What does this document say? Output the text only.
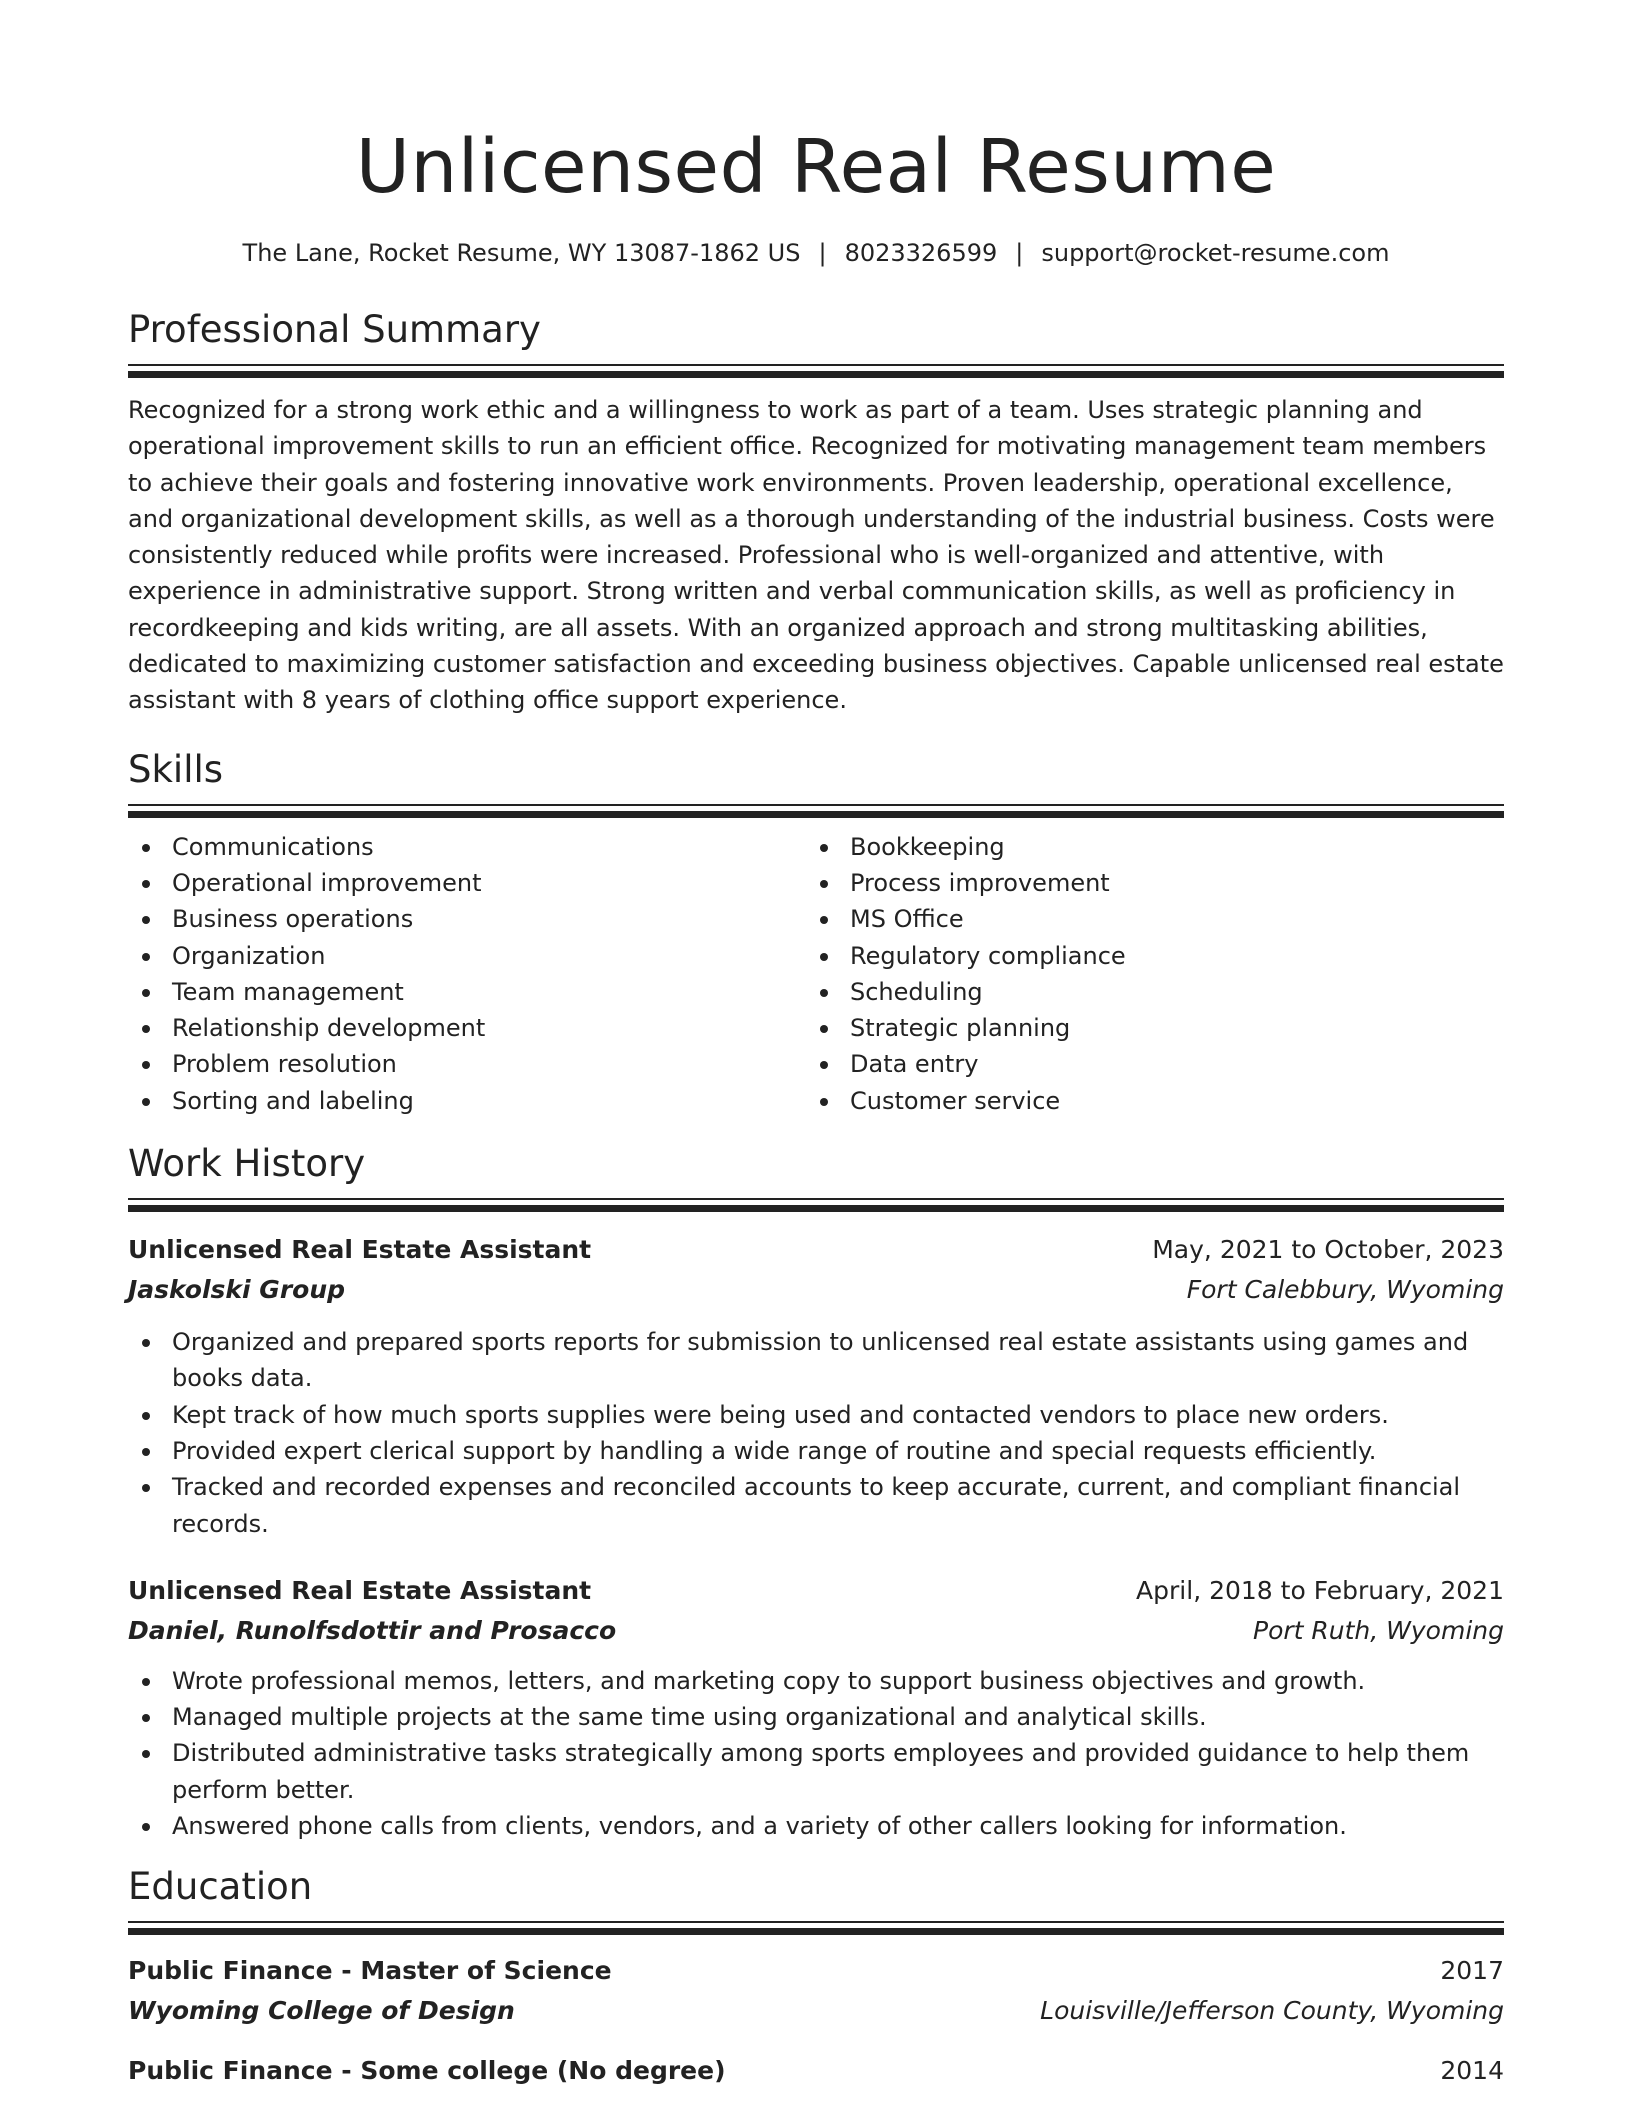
Unlicensed Real Resume
The Lane, Rocket Resume, WY 13087-1862 US | 8023326599 | support@rocket-resume.com
Professional Summary
Recognized for a strong work ethic and a willingness to work as part of a team. Uses strategic planning and operational improvement skills to run an efficient office. Recognized for motivating management team members to achieve their goals and fostering innovative work environments. Proven leadership, operational excellence, and organizational development skills, as well as a thorough understanding of the industrial business. Costs were consistently reduced while profits were increased. Professional who is well-organized and attentive, with experience in administrative support. Strong written and verbal communication skills, as well as proficiency in recordkeeping and kids writing, are all assets. With an organized approach and strong multitasking abilities, dedicated to maximizing customer satisfaction and exceeding business objectives. Capable unlicensed real estate assistant with 8 years of clothing office support experience.
Skills
Communications
Operational improvement
Business operations
Organization
Team management
Relationship development
Problem resolution
Sorting and labeling
Bookkeeping
Process improvement
MS Office
Regulatory compliance
Scheduling
Strategic planning
Data entry
Customer service
Work History
Unlicensed Real Estate Assistant	May, 2021 to October, 2023
Jaskolski Group	Fort Calebbury, Wyoming
Organized and prepared sports reports for submission to unlicensed real estate assistants using games and books data.
Kept track of how much sports supplies were being used and contacted vendors to place new orders.
Provided expert clerical support by handling a wide range of routine and special requests efficiently.
Tracked and recorded expenses and reconciled accounts to keep accurate, current, and compliant financial records.
Unlicensed Real Estate Assistant	April, 2018 to February, 2021
Daniel, Runolfsdottir and Prosacco	Port Ruth, Wyoming
Wrote professional memos, letters, and marketing copy to support business objectives and growth.
Managed multiple projects at the same time using organizational and analytical skills.
Distributed administrative tasks strategically among sports employees and provided guidance to help them perform better.
Answered phone calls from clients, vendors, and a variety of other callers looking for information.
Education
Public Finance - Master of Science	2017
Wyoming College of Design	Louisville/Jefferson County, Wyoming
Public Finance - Some college (No degree)	2014
